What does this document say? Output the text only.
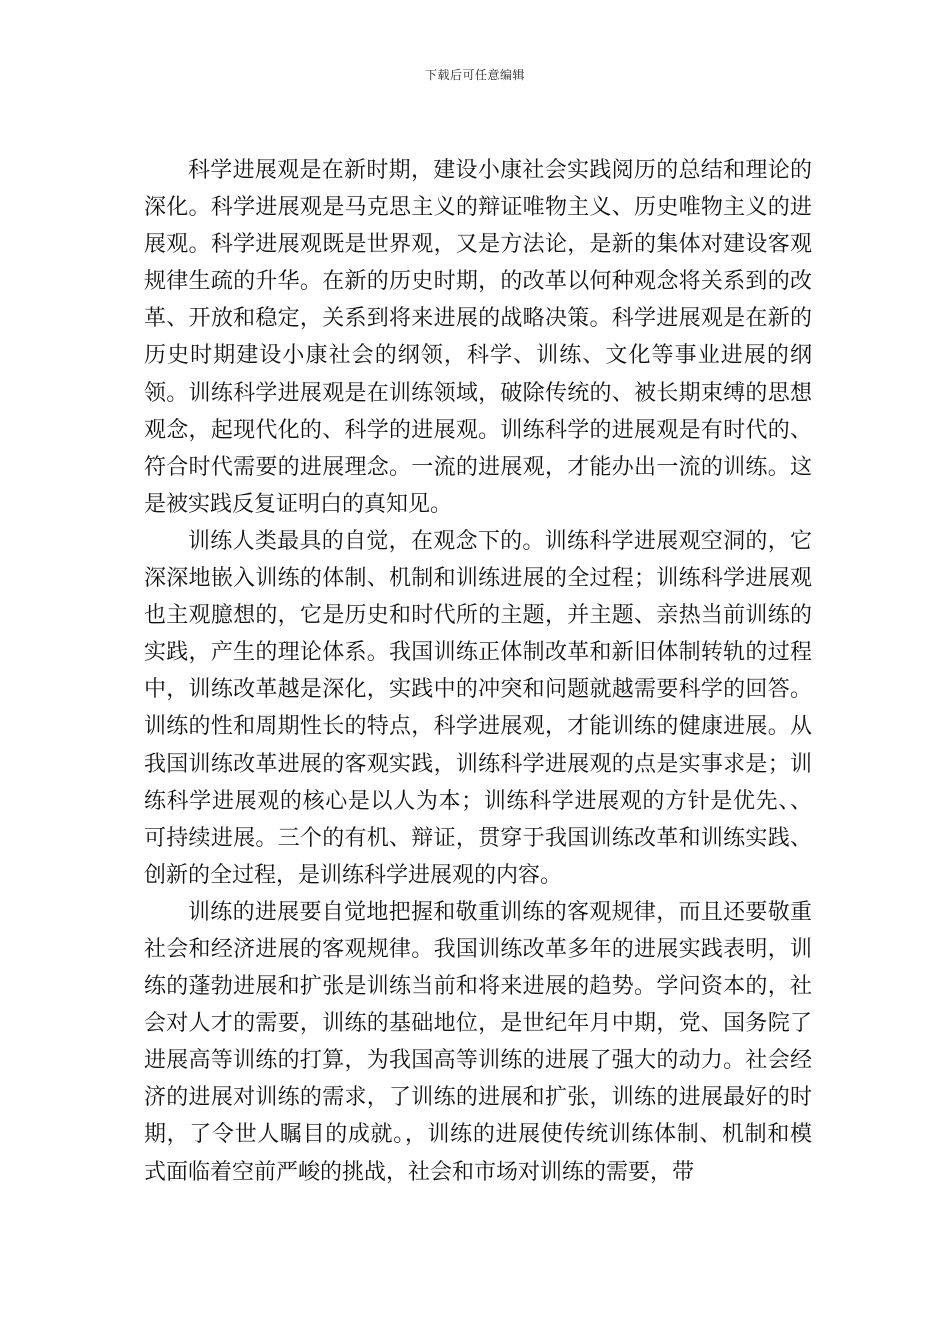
下载后可任意编辑

科学进展观是在新时期，建设小康社会实践阅历的总结和理论的深化。科学进展观是马克思主义的辩证唯物主义、历史唯物主义的进展观。科学进展观既是世界观，又是方法论，是新的集体对建设客观规律生疏的升华。在新的历史时期，的改革以何种观念将关系到的改革、开放和稳定，关系到将来进展的战略决策。科学进展观是在新的历史时期建设小康社会的纲领，科学、训练、文化等事业进展的纲领。训练科学进展观是在训练领域，破除传统的、被长期束缚的思想观念，起现代化的、科学的进展观。训练科学的进展观是有时代的、符合时代需要的进展理念。一流的进展观，才能办出一流的训练。这是被实践反复证明白的真知见。

训练人类最具的自觉，在观念下的。训练科学进展观空洞的，它深深地嵌入训练的体制、机制和训练进展的全过程；训练科学进展观也主观臆想的，它是历史和时代所的主题，并主题、亲热当前训练的实践，产生的理论体系。我国训练正体制改革和新旧体制转轨的过程中，训练改革越是深化，实践中的冲突和问题就越需要科学的回答。训练的性和周期性长的特点，科学进展观，才能训练的健康进展。从我国训练改革进展的客观实践，训练科学进展观的点是实事求是；训练科学进展观的核心是以人为本；训练科学进展观的方针是优先、、可持续进展。三个的有机、辩证，贯穿于我国训练改革和训练实践、创新的全过程，是训练科学进展观的内容。

训练的进展要自觉地把握和敬重训练的客观规律，而且还要敬重社会和经济进展的客观规律。我国训练改革多年的进展实践表明，训练的蓬勃进展和扩张是训练当前和将来进展的趋势。学问资本的，社会对人才的需要，训练的基础地位，是世纪年月中期，党、国务院了进展高等训练的打算，为我国高等训练的进展了强大的动力。社会经济的进展对训练的需求，了训练的进展和扩张，训练的进展最好的时期，了令世人瞩目的成就。，训练的进展使传统训练体制、机制和模式面临着空前严峻的挑战，社会和市场对训练的需要，带
